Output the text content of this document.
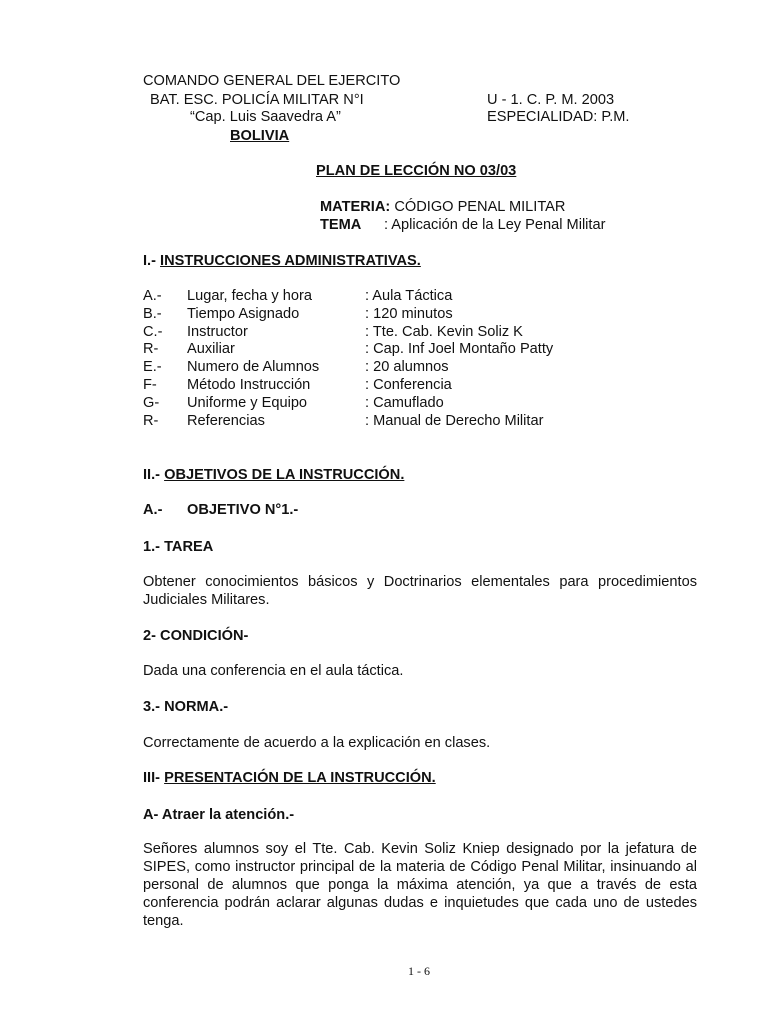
COMANDO GENERAL DEL EJERCITO
BAT. ESC. POLICÍA MILITAR N°I
“Cap. Luis Saavedra A”
BOLIVIA
U - 1. C. P. M. 2003
ESPECIALIDAD: P.M.
PLAN DE LECCIÓN NO 03/03
MATERIA: CÓDIGO PENAL MILITAR
TEMA : Aplicación de la Ley Penal Militar
I.- INSTRUCCIONES ADMINISTRATIVAS.
A.- Lugar, fecha y hora	: Aula Táctica
B.- Tiempo Asignado	: 120 minutos
C.- Instructor	: Tte. Cab. Kevin Soliz K
R- Auxiliar	: Cap. Inf Joel Montaño Patty
E.- Numero de Alumnos	: 20 alumnos
F- Método Instrucción	: Conferencia
G- Uniforme y Equipo	: Camuflado
R- Referencias	: Manual de Derecho Militar
II.- OBJETIVOS DE LA INSTRUCCIÓN.
A.- OBJETIVO N°1.-
1.- TAREA
Obtener conocimientos básicos y Doctrinarios elementales para procedimientos Judiciales Militares.
2- CONDICIÓN-
Dada una conferencia en el aula táctica.
3.- NORMA.-
Correctamente de acuerdo a la explicación en clases.
III- PRESENTACIÓN DE LA INSTRUCCIÓN.
A- Atraer la atención.-
Señores alumnos soy el Tte. Cab. Kevin Soliz Kniep designado por la jefatura de SIPES, como instructor principal de la materia de Código Penal Militar, insinuando al personal de alumnos que ponga la máxima atención, ya que a través de esta conferencia podrán aclarar algunas dudas e inquietudes que cada uno de ustedes tenga.
1 - 6
